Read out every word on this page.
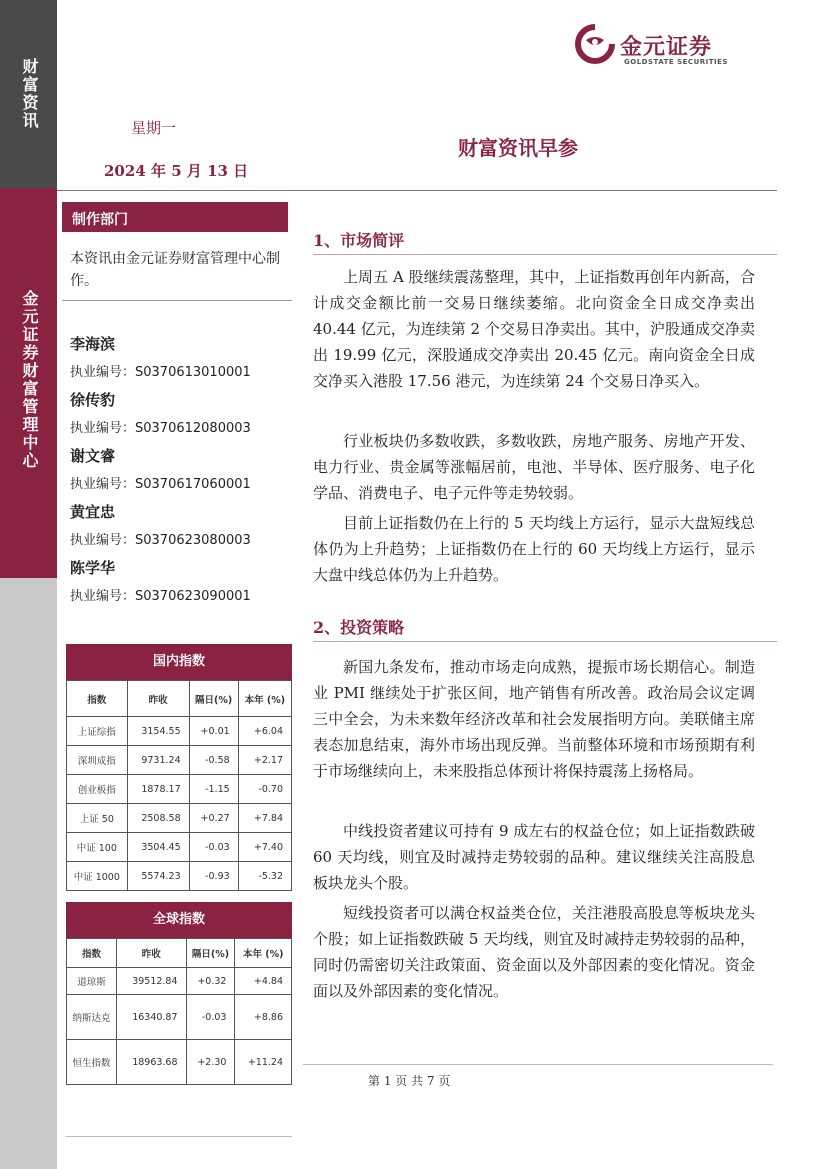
财富资讯
金元证券财富管理中心
金元证券
GOLDSTATE SECURITIES
星期一
2024 年 5 月 13 日
财富资讯早参
制作部门
本资讯由金元证券财富管理中心制作。
李海滨
执业编号：S0370613010001
徐传豹
执业编号：S0370612080003
谢文睿
执业编号：S0370617060001
黄宜忠
执业编号：S0370623080003
陈学华
执业编号：S0370623090001
国内指数
指数	昨收	隔日(%)	本年 (%)
上证综指	3154.55	+0.01	+6.04
深圳成指	9731.24	-0.58	+2.17
创业板指	1878.17	-1.15	-0.70
上证 50	2508.58	+0.27	+7.84
中证 100	3504.45	-0.03	+7.40
中证 1000	5574.23	-0.93	-5.32
全球指数
指数	昨收	隔日(%)	本年 (%)
道琼斯	39512.84	+0.32	+4.84
纳斯达克	16340.87	-0.03	+8.86
恒生指数	18963.68	+2.30	+11.24
1、市场简评

上周五 A 股继续震荡整理，其中，上证指数再创年内新高，合计成交金额比前一交易日继续萎缩。北向资金全日成交净卖出 40.44 亿元，为连续第 2 个交易日净卖出。其中，沪股通成交净卖出 19.99 亿元，深股通成交净卖出 20.45 亿元。南向资金全日成交净买入港股 17.56 港元，为连续第 24 个交易日净买入。

行业板块仍多数收跌，多数收跌，房地产服务、房地产开发、电力行业、贵金属等涨幅居前，电池、半导体、医疗服务、电子化学品、消费电子、电子元件等走势较弱。

目前上证指数仍在上行的 5 天均线上方运行，显示大盘短线总体仍为上升趋势；上证指数仍在上行的 60 天均线上方运行，显示大盘中线总体仍为上升趋势。

2、投资策略

新国九条发布，推动市场走向成熟，提振市场长期信心。制造业 PMI 继续处于扩张区间，地产销售有所改善。政治局会议定调三中全会，为未来数年经济改革和社会发展指明方向。美联储主席表态加息结束，海外市场出现反弹。当前整体环境和市场预期有利于市场继续向上，未来股指总体预计将保持震荡上扬格局。

中线投资者建议可持有 9 成左右的权益仓位；如上证指数跌破 60 天均线，则宜及时减持走势较弱的品种。建议继续关注高股息板块龙头个股。

短线投资者可以满仓权益类仓位，关注港股高股息等板块龙头个股；如上证指数跌破 5 天均线，则宜及时减持走势较弱的品种，同时仍需密切关注政策面、资金面以及外部因素的变化情况。资金面以及外部因素的变化情况。

第 1 页 共 7 页
